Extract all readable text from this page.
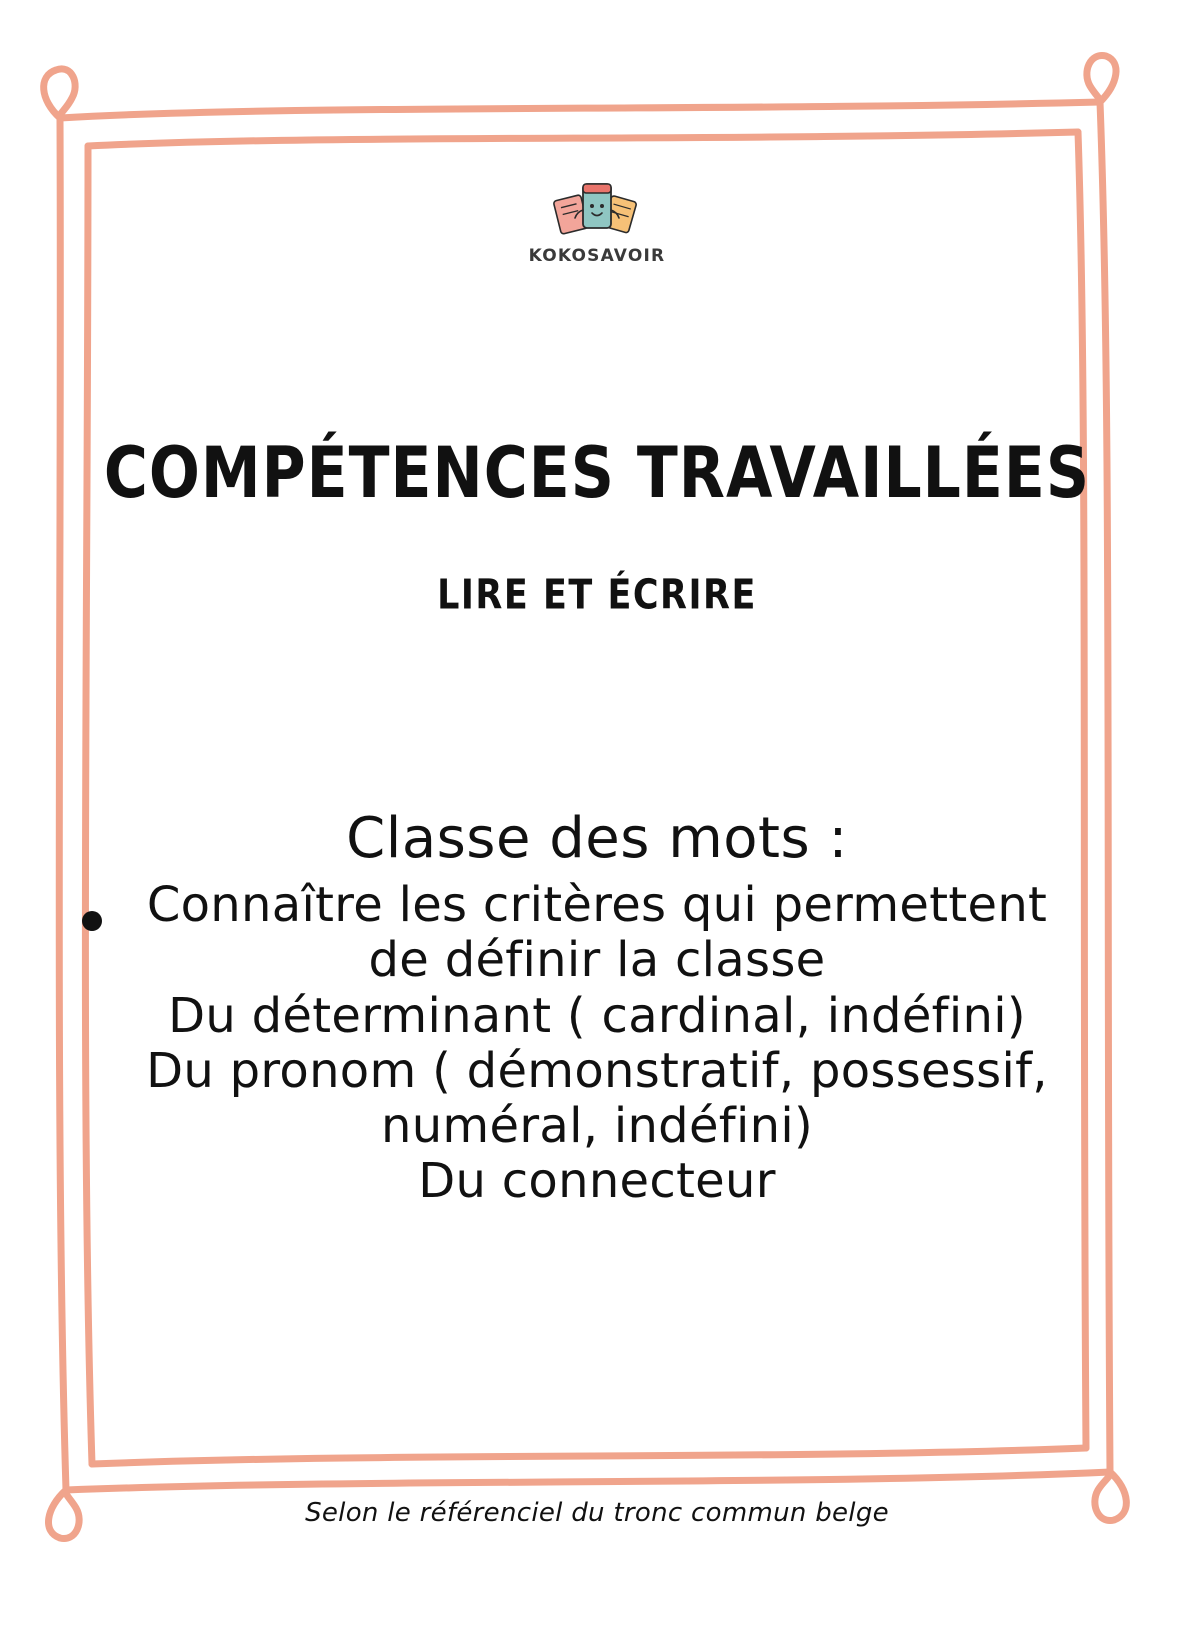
KOKOSAVOIR
COMPÉTENCES TRAVAILLÉES
LIRE ET ÉCRIRE
Classe des mots :
Connaître les critères qui permettent
de définir la classe
Du déterminant ( cardinal, indéfini)
Du pronom ( démonstratif, possessif,
numéral, indéfini)
Du connecteur
Selon le référenciel du tronc commun belge
